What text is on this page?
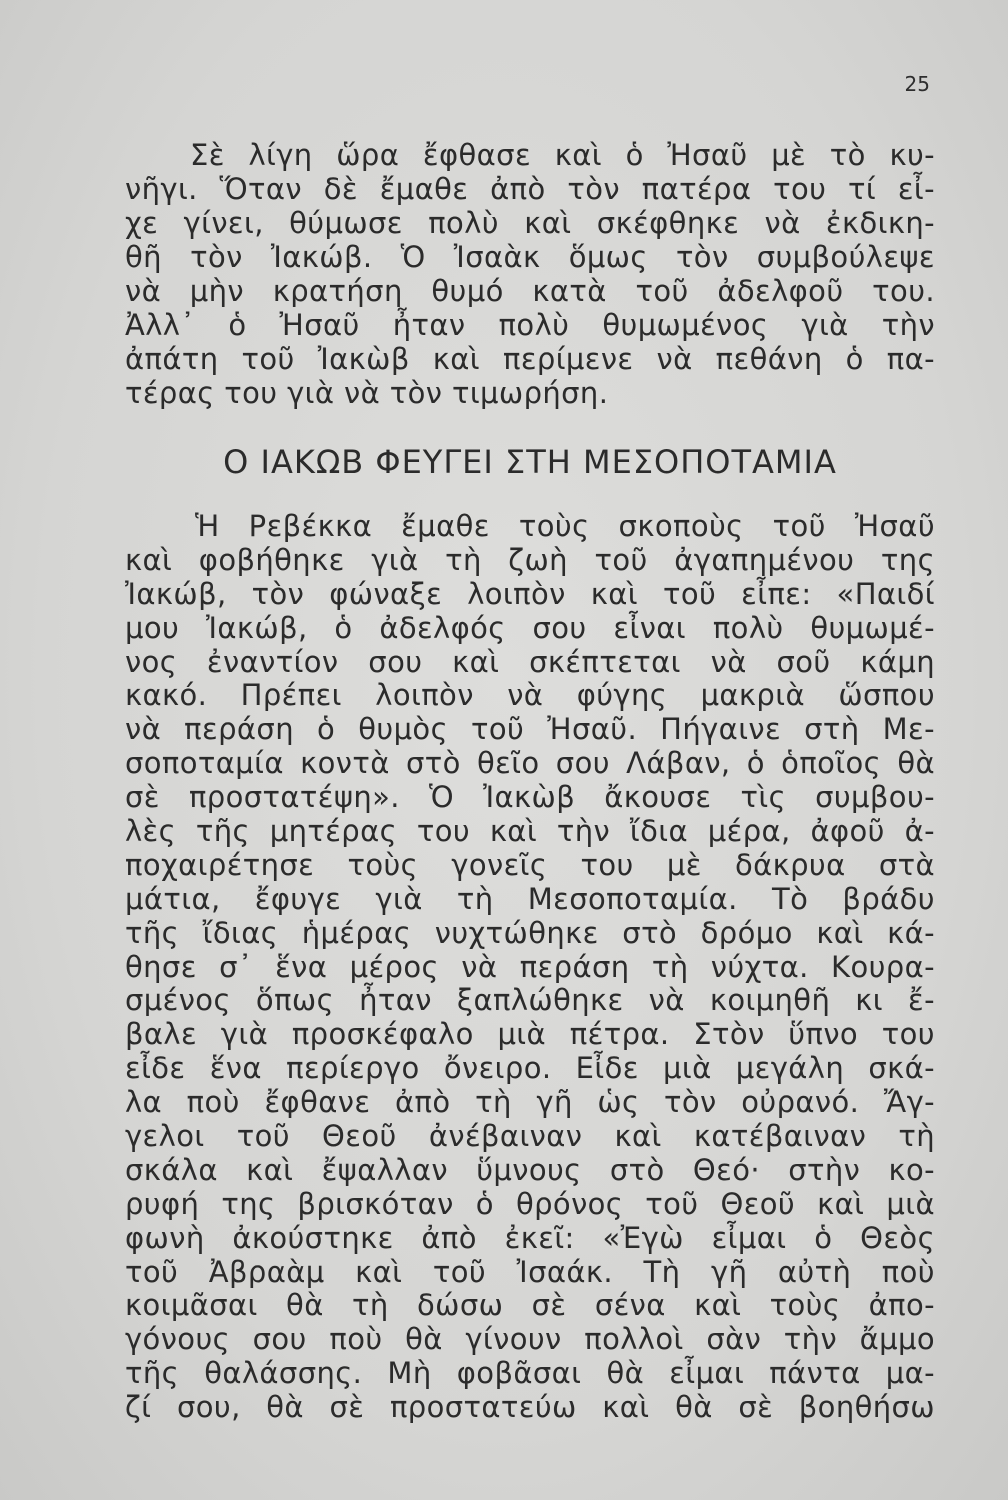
25
Σὲ λίγη ὥρα ἔφθασε καὶ ὁ Ἠσαῦ μὲ τὸ κυ-
νῆγι. Ὅταν δὲ ἔμαθε ἀπὸ τὸν πατέρα του τί εἶ-
χε γίνει, θύμωσε πολὺ καὶ σκέφθηκε νὰ ἐκδικη-
θῆ τὸν Ἰακώβ. Ὁ Ἰσαὰκ ὅμως τὸν συμβούλεψε
νὰ μὴν κρατήση θυμό κατὰ τοῦ ἀδελφοῦ του.
Ἀλλ᾽ ὁ Ἠσαῦ ἦταν πολὺ θυμωμένος γιὰ τὴν
ἀπάτη τοῦ Ἰακὼβ καὶ περίμενε νὰ πεθάνη ὁ πα-
τέρας του γιὰ νὰ τὸν τιμωρήση.
Ο ΙΑΚΩΒ ΦΕΥΓΕΙ ΣΤΗ ΜΕΣΟΠΟΤΑΜΙΑ
Ἡ Ρεβέκκα ἔμαθε τοὺς σκοποὺς τοῦ Ἠσαῦ
καὶ φοβήθηκε γιὰ τὴ ζωὴ τοῦ ἀγαπημένου της
Ἰακώβ, τὸν φώναξε λοιπὸν καὶ τοῦ εἶπε: «Παιδί
μου Ἰακώβ, ὁ ἀδελφός σου εἶναι πολὺ θυμωμέ-
νος ἐναντίον σου καὶ σκέπτεται νὰ σοῦ κάμη
κακό. Πρέπει λοιπὸν νὰ φύγης μακριὰ ὥσπου
νὰ περάση ὁ θυμὸς τοῦ Ἠσαῦ. Πήγαινε στὴ Με-
σοποταμία κοντὰ στὸ θεῖο σου Λάβαν, ὁ ὁποῖος θὰ
σὲ προστατέψη». Ὁ Ἰακὼβ ἄκουσε τὶς συμβου-
λὲς τῆς μητέρας του καὶ τὴν ἴδια μέρα, ἀφοῦ ἀ-
ποχαιρέτησε τοὺς γονεῖς του μὲ δάκρυα στὰ
μάτια, ἔφυγε γιὰ τὴ Μεσοποταμία. Τὸ βράδυ
τῆς ἴδιας ἡμέρας νυχτώθηκε στὸ δρόμο καὶ κά-
θησε σ᾽ ἕνα μέρος νὰ περάση τὴ νύχτα. Κουρα-
σμένος ὅπως ἦταν ξαπλώθηκε νὰ κοιμηθῆ κι ἔ-
βαλε γιὰ προσκέφαλο μιὰ πέτρα. Στὸν ὕπνο του
εἶδε ἕνα περίεργο ὄνειρο. Εἶδε μιὰ μεγάλη σκά-
λα ποὺ ἔφθανε ἀπὸ τὴ γῆ ὡς τὸν οὐρανό. Ἄγ-
γελοι τοῦ Θεοῦ ἀνέβαιναν καὶ κατέβαιναν τὴ
σκάλα καὶ ἔψαλλαν ὕμνους στὸ Θεό· στὴν κο-
ρυφή της βρισκόταν ὁ θρόνος τοῦ Θεοῦ καὶ μιὰ
φωνὴ ἀκούστηκε ἀπὸ ἐκεῖ: «Ἐγὼ εἶμαι ὁ Θεὸς
τοῦ Ἀβραὰμ καὶ τοῦ Ἰσαάκ. Τὴ γῆ αὐτὴ ποὺ
κοιμᾶσαι θὰ τὴ δώσω σὲ σένα καὶ τοὺς ἀπο-
γόνους σου ποὺ θὰ γίνουν πολλοὶ σὰν τὴν ἄμμο
τῆς θαλάσσης. Μὴ φοβᾶσαι θὰ εἶμαι πάντα μα-
ζί σου, θὰ σὲ προστατεύω καὶ θὰ σὲ βοηθήσω
